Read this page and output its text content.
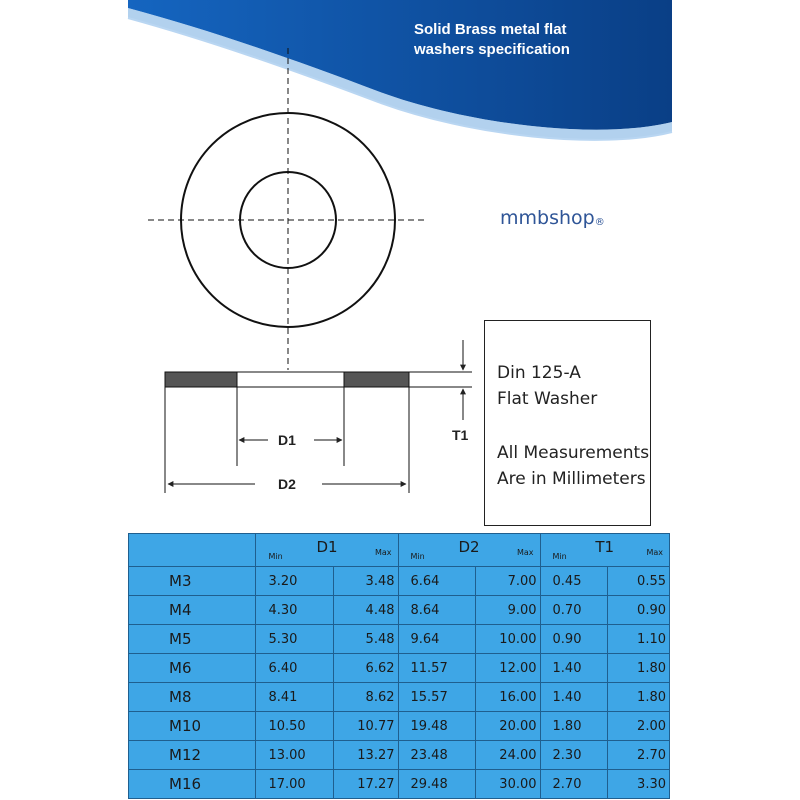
Solid Brass metal flat
washers specification
mmbshop®
D1
D2
T1
Din 125-A
Flat Washer
All Measurements
Are in Millimeters

	D1
Min Max		D2
Min Max		T1
Min Max	

M3	3.20	3.48	6.64	7.00	0.45	0.55
M4	4.30	4.48	8.64	9.00	0.70	0.90
M5	5.30	5.48	9.64	10.00	0.90	1.10
M6	6.40	6.62	11.57	12.00	1.40	1.80
M8	8.41	8.62	15.57	16.00	1.40	1.80
M10	10.50	10.77	19.48	20.00	1.80	2.00
M12	13.00	13.27	23.48	24.00	2.30	2.70
M16	17.00	17.27	29.48	30.00	2.70	3.30
